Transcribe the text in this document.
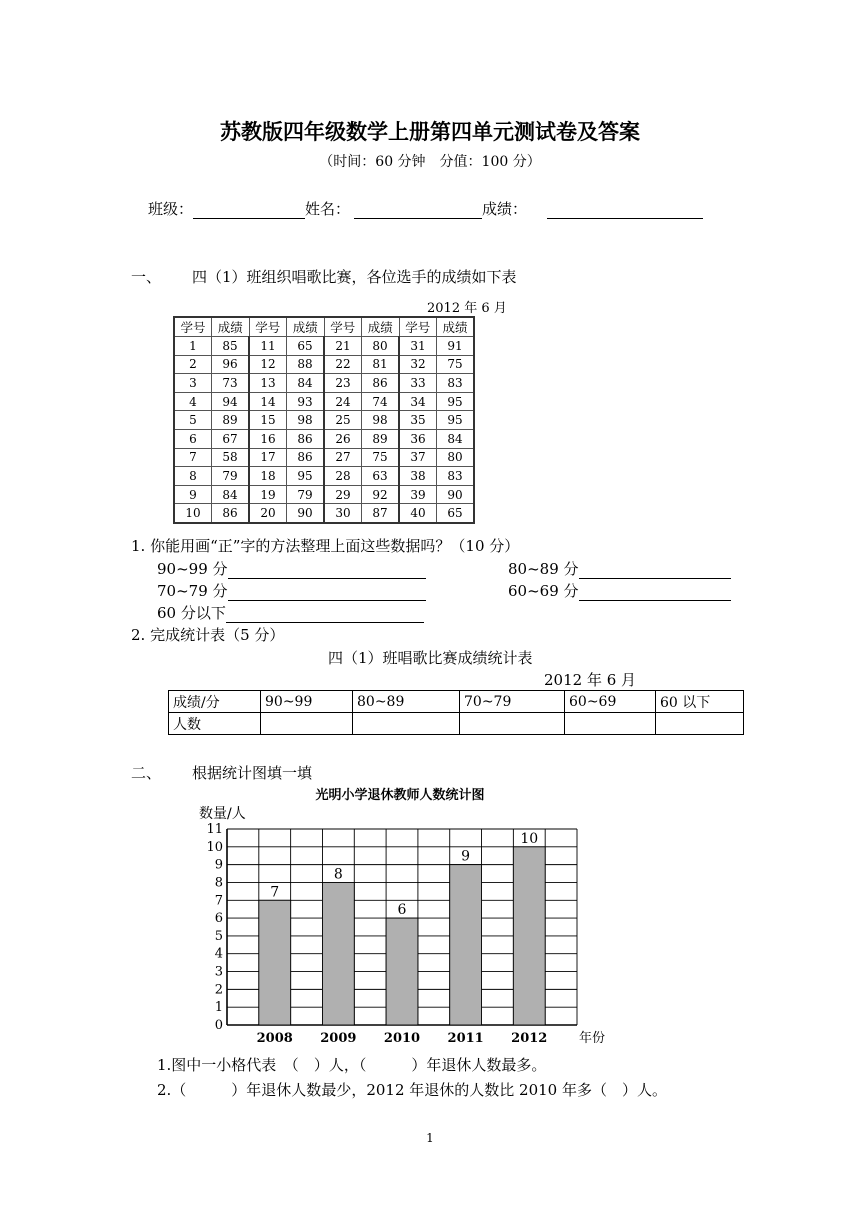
苏教版四年级数学上册第四单元测试卷及答案
（时间：60 分钟　分值：100 分）
班级：	姓名：	成绩：
一、 四（1）班组织唱歌比赛，各位选手的成绩如下表
2012 年 6 月
学号	成绩	学号	成绩	学号	成绩	学号	成绩
1	85	11	65	21	80	31	91
2	96	12	88	22	81	32	75
3	73	13	84	23	86	33	83
4	94	14	93	24	74	34	95
5	89	15	98	25	98	35	95
6	67	16	86	26	89	36	84
7	58	17	86	27	75	37	80
8	79	18	95	28	63	38	83
9	84	19	79	29	92	39	90
10	86	20	90	30	87	40	65
1. 你能用画“正”字的方法整理上面这些数据吗？（10 分）
90~99 分	80~89 分
70~79 分	60~69 分
60 分以下
2. 完成统计表（5 分）
四（1）班唱歌比赛成绩统计表
2012 年 6 月
成绩/分	90~99	80~89	70~79	60~69	60 以下
人数					
二、 根据统计图填一填
光明小学退休教师人数统计图
数量/人
0
1
2
3
4
5
6
7
8
9
10
11
7
2008
8
2009
6
2010
9
2011
10
2012 年份
1.图中一小格代表　（　）人，（　　　）年退休人数最多。
2.（　　　）年退休人数最少，2012 年退休的人数比 2010 年多（　）人。
1
